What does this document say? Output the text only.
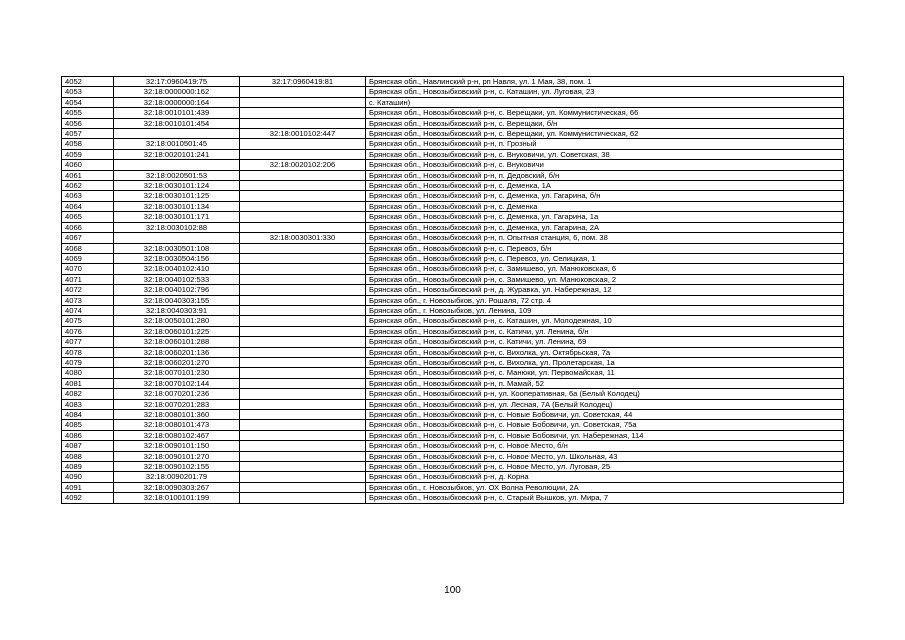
4052	32:17:0960419:75	32:17:0960419:81	Брянская обл., Навлинский р-н, рп Навля, ул. 1 Мая, 38, пом. 1
4053	32:18:0000000:162		Брянская обл., Новозыбковский р-н, с. Каташин, ул. Луговая, 23
4054	32:18:0000000:164		с. Каташин)
4055	32:18:0010101:439		Брянская обл., Новозыбковский р-н, с. Верещаки, ул. Коммунистическая, 66
4056	32:18:0010101:454		Брянская обл., Новозыбковский р-н, с. Верещаки, б/н
4057		32:18:0010102:447	Брянская обл., Новозыбковский р-н, с. Верещаки, ул. Коммунистическая, 62
4058	32:18:0010501:45		Брянская обл., Новозыбковский р-н, п. Грозный
4059	32:18:0020101:241		Брянская обл., Новозыбковский р-н, с. Внуковичи, ул. Советская, 38
4060		32:18:0020102:206	Брянская обл., Новозыбковский р-н, с. Внуковичи
4061	32:18:0020501:53		Брянская обл., Новозыбковский р-н, п. Дедовский, б/н
4062	32:18:0030101:124		Брянская обл., Новозыбковский р-н, с. Деменка, 1А
4063	32:18:0030101:125		Брянская обл., Новозыбковский р-н, с. Деменка, ул. Гагарина, б/н
4064	32:18:0030101:134		Брянская обл., Новозыбковский р-н, с. Деменка
4065	32:18:0030101:171		Брянская обл., Новозыбковский р-н, с. Деменка, ул. Гагарина, 1а
4066	32:18:0030102:88		Брянская обл., Новозыбковский р-н, с. Деменка, ул. Гагарина, 2А
4067		32:18:0030301:330	Брянская обл., Новозыбковский р-н, п. Опытная станция, 6, пом. 38
4068	32:18:0030501:108		Брянская обл., Новозыбковский р-н, с. Перевоз, б/н
4069	32:18:0030504:156		Брянская обл., Новозыбковский р-н, с. Перевоз, ул. Селицкая, 1
4070	32:18:0040102:410		Брянская обл., Новозыбковский р-н, с. Замишево, ул. Манюковская, 6
4071	32:18:0040102:533		Брянская обл., Новозыбковский р-н, с. Замишево, ул. Манюковская, 2
4072	32:18:0040102:796		Брянская обл., Новозыбковский р-н, д. Журавка, ул. Набережная, 12
4073	32:18:0040303:155		Брянская обл., г. Новозыбков, ул. Рошаля, 72 стр. 4
4074	32:18:0040303:91		Брянская обл., г. Новозыбков, ул. Ленина, 109
4075	32:18:0050101:280		Брянская обл., Новозыбковский р-н, с. Каташин, ул. Молодежная, 10
4076	32:18:0060101:225		Брянская обл., Новозыбковский р-н, с. Катичи, ул. Ленина, б/н
4077	32:18:0060101:288		Брянская обл., Новозыбковский р-н, с. Катичи, ул. Ленина, 69
4078	32:18:0060201:136		Брянская обл., Новозыбковский р-н, с. Вихолка, ул. Октябрьская, 7а
4079	32:18:0060201:270		Брянская обл., Новозыбковский р-н, с. Вихолка, ул. Пролетарская, 1а
4080	32:18:0070101:230		Брянская обл., Новозыбковский р-н, с. Манюки, ул. Первомайская, 11
4081	32:18:0070102:144		Брянская обл., Новозыбковский р-н, п. Мамай, 52
4082	32:18:0070201:236		Брянская обл., Новозыбковский р-н, ул. Кооперативная, 6а (Белый Колодец)
4083	32:18:0070201:283		Брянская обл., Новозыбковский р-н, ул. Лесная, 7А (Белый Колодец)
4084	32:18:0080101:360		Брянская обл., Новозыбковский р-н, с. Новые Бобовичи, ул. Советская, 44
4085	32:18:0080101:473		Брянская обл., Новозыбковский р-н, с. Новые Бобовичи, ул. Советская, 75а
4086	32:18:0080102:467		Брянская обл., Новозыбковский р-н, с. Новые Бобовичи, ул. Набережная, 114
4087	32:18:0090101:150		Брянская обл., Новозыбковский р-н, с. Новое Место, б/н
4088	32:18:0090101:270		Брянская обл., Новозыбковский р-н, с. Новое Место, ул. Школьная, 43
4089	32:18:0090102:155		Брянская обл., Новозыбковский р-н, с. Новое Место, ул. Луговая, 25
4090	32:18:0090201:79		Брянская обл., Новозыбковский р-н, д. Корна
4091	32:18:0090303:267		Брянская обл., г. Новозыбков, ул. ОХ Волна Революции, 2А
4092	32:18:0100101:199		Брянская обл., Новозыбковский р-н, с. Старый Вышков, ул. Мира, 7
100
